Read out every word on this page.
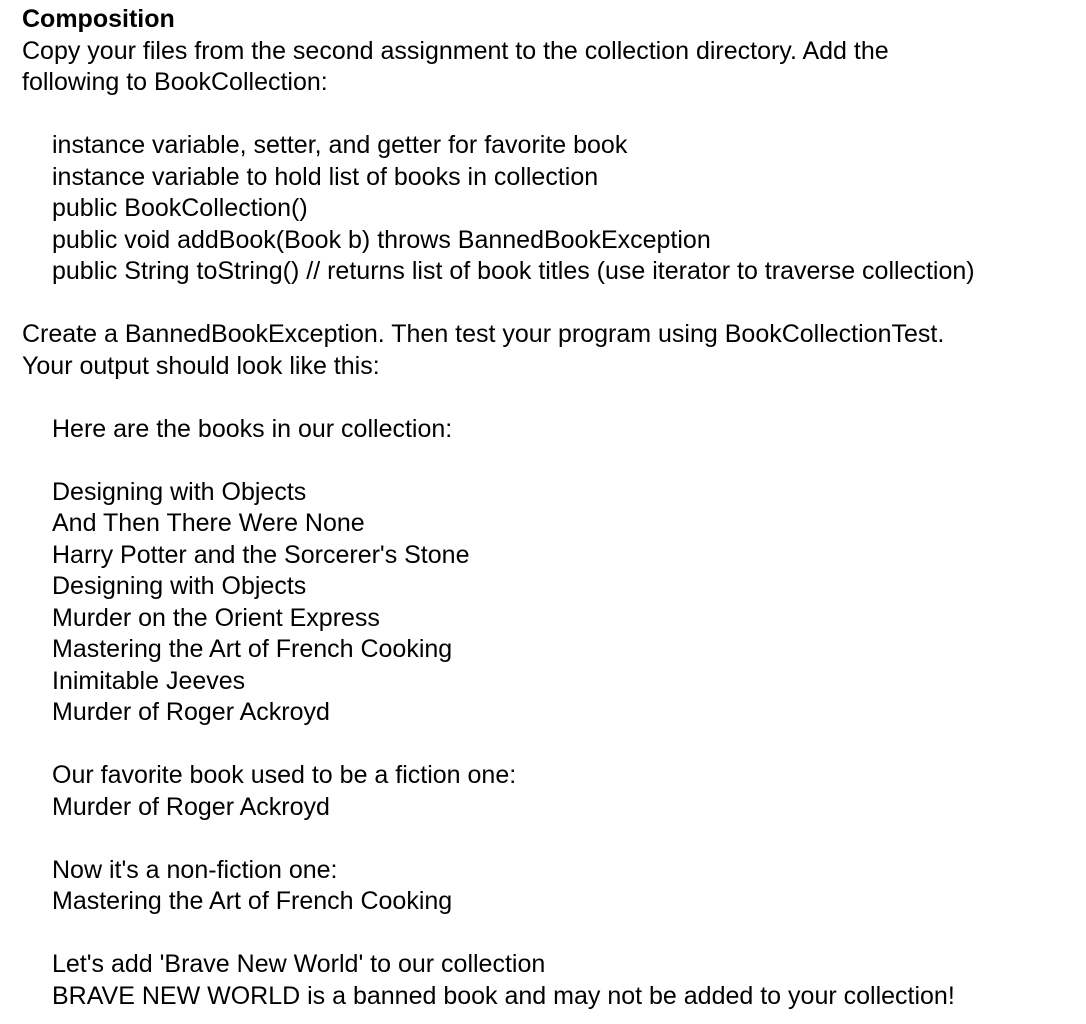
Composition
Copy your files from the second assignment to the collection directory. Add the
following to BookCollection:
instance variable, setter, and getter for favorite book
instance variable to hold list of books in collection
public BookCollection()
public void addBook(Book b) throws BannedBookException
public String toString() // returns list of book titles (use iterator to traverse collection)
Create a BannedBookException. Then test your program using BookCollectionTest.
Your output should look like this:
Here are the books in our collection:
Designing with Objects
And Then There Were None
Harry Potter and the Sorcerer's Stone
Designing with Objects
Murder on the Orient Express
Mastering the Art of French Cooking
Inimitable Jeeves
Murder of Roger Ackroyd
Our favorite book used to be a fiction one:
Murder of Roger Ackroyd
Now it's a non-fiction one:
Mastering the Art of French Cooking
Let's add 'Brave New World' to our collection
BRAVE NEW WORLD is a banned book and may not be added to your collection!
